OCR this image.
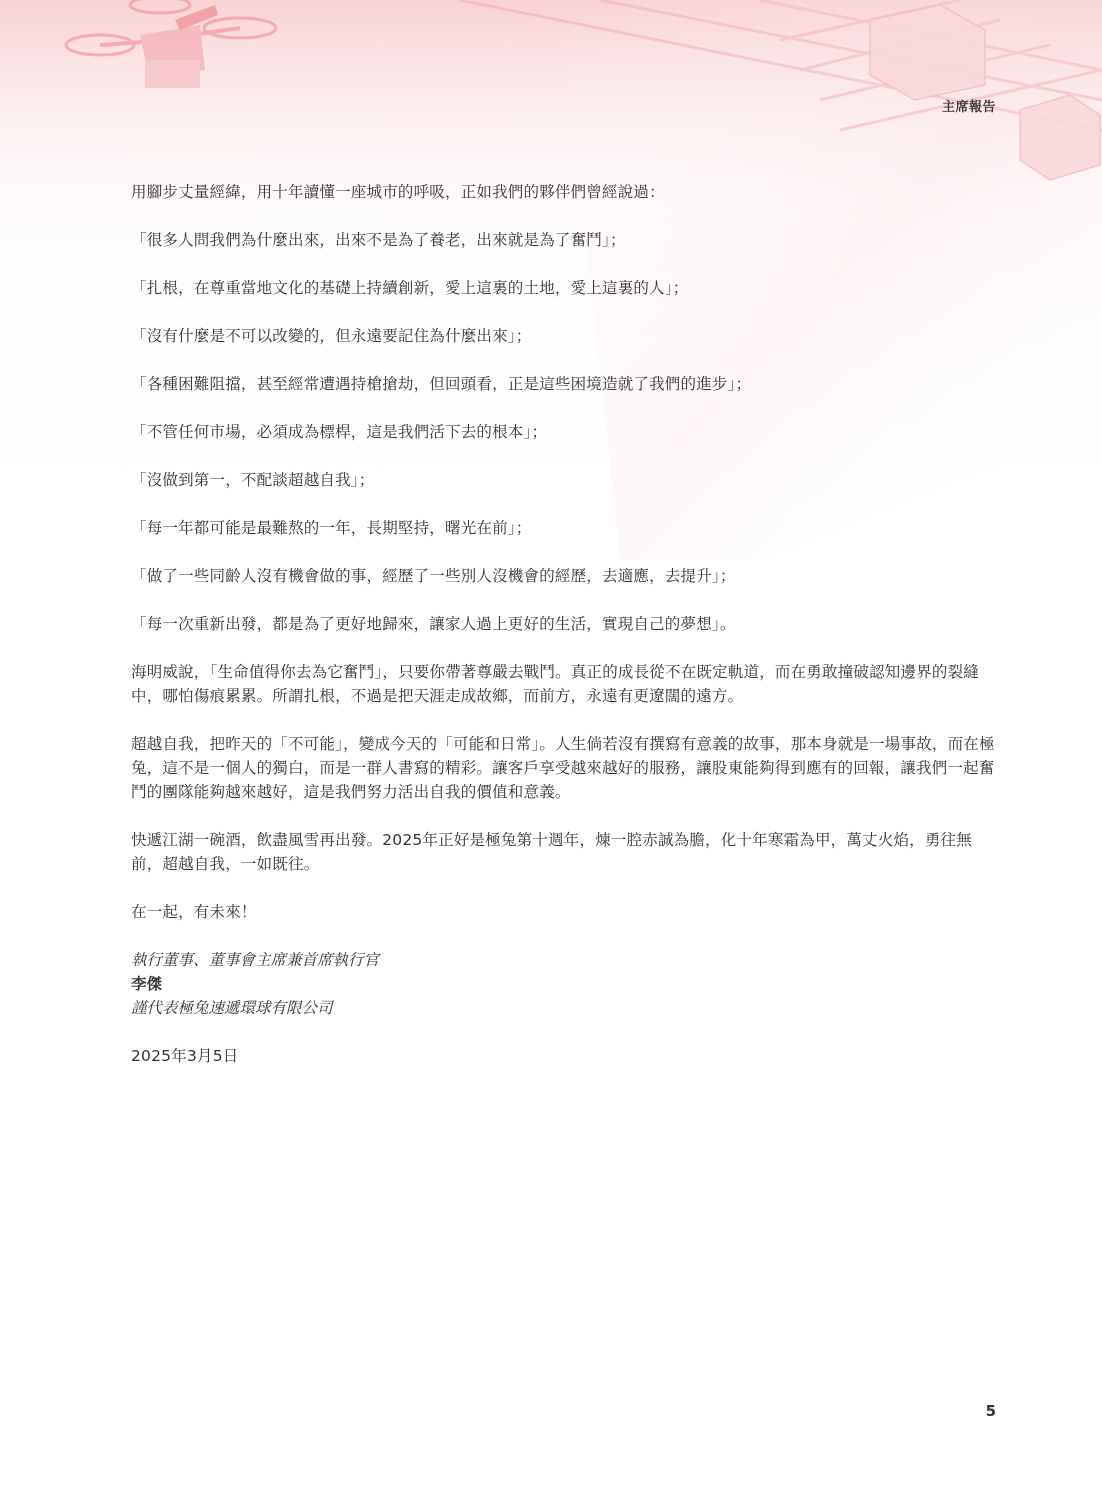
主席報告

用腳步丈量經緯，用十年讀懂一座城市的呼吸，正如我們的夥伴們曾經說過：

「很多人問我們為什麼出來，出來不是為了養老，出來就是為了奮鬥」；

「扎根，在尊重當地文化的基礎上持續創新，愛上這裏的土地，愛上這裏的人」；

「沒有什麼是不可以改變的，但永遠要記住為什麼出來」；

「各種困難阻擋，甚至經常遭遇持槍搶劫，但回頭看，正是這些困境造就了我們的進步」；

「不管任何市場，必須成為標桿，這是我們活下去的根本」；

「沒做到第一，不配談超越自我」；

「每一年都可能是最難熬的一年，長期堅持，曙光在前」；

「做了一些同齡人沒有機會做的事，經歷了一些別人沒機會的經歷，去適應，去提升」；

「每一次重新出發，都是為了更好地歸來，讓家人過上更好的生活，實現自己的夢想」。

海明威說，「生命值得你去為它奮鬥」，只要你帶著尊嚴去戰鬥。真正的成長從不在既定軌道，而在勇敢撞破認知邊界的裂縫中，哪怕傷痕累累。所謂扎根，不過是把天涯走成故鄉，而前方，永遠有更遼闊的遠方。

超越自我，把昨天的「不可能」，變成今天的「可能和日常」。人生倘若沒有撰寫有意義的故事，那本身就是一場事故，而在極兔，這不是一個人的獨白，而是一群人書寫的精彩。讓客戶享受越來越好的服務，讓股東能夠得到應有的回報，讓我們一起奮鬥的團隊能夠越來越好，這是我們努力活出自我的價值和意義。

快遞江湖一碗酒，飲盡風雪再出發。2025年正好是極兔第十週年，煉一腔赤誠為膽，化十年寒霜為甲，萬丈火焰，勇往無前，超越自我，一如既往。

在一起，有未來！

執行董事、董事會主席兼首席執行官
李傑
謹代表極兔速遞環球有限公司

2025年3月5日

5
